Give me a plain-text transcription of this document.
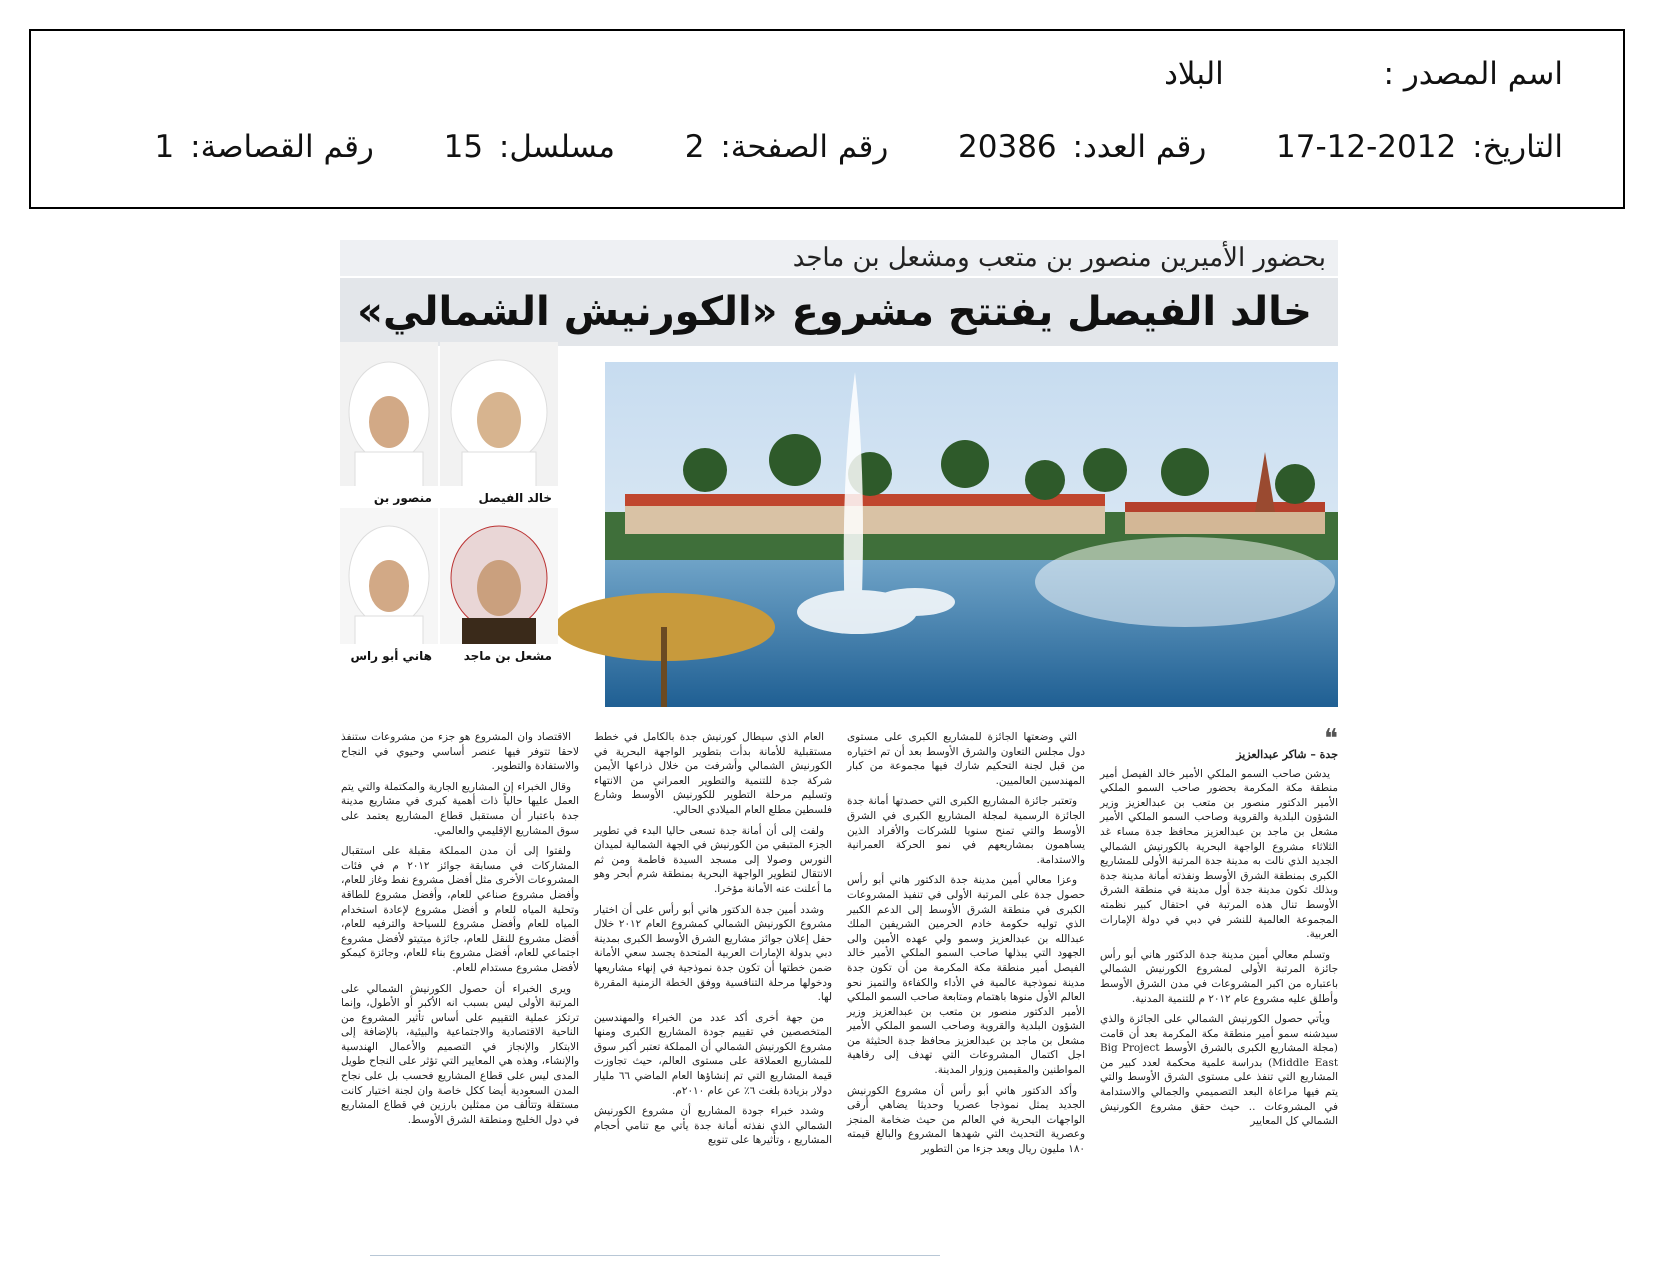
اسم المصدر :  البلاد
التاريخ: 17-12-2012  رقم العدد: 20386  رقم الصفحة: 2  مسلسل: 15  رقم القصاصة: 1
بحضور الأميرين منصور بن متعب ومشعل بن ماجد
خالد الفيصل يفتتح مشروع «الكورنيش الشمالي»
خالد الفيصل
منصور بن
مشعل بن ماجد
هاني أبو راس
❝
جدة – شاكر عبدالعزيز

يدشن صاحب السمو الملكي الأمير خالد الفيصل أمير منطقة مكة المكرمة بحضور صاحب السمو الملكي الأمير الدكتور منصور بن متعب بن عبدالعزيز وزير الشؤون البلدية والقروية وصاحب السمو الملكي الأمير مشعل بن ماجد بن عبدالعزيز محافظ جدة مساء غد الثلاثاء مشروع الواجهة البحرية بالكورنيش الشمالي الجديد الذي نالت به مدينة جدة المرتبة الأولى للمشاريع الكبرى بمنطقة الشرق الأوسط ونفذته أمانة مدينة جدة وبذلك تكون مدينة جدة أول مدينة في منطقة الشرق الأوسط تنال هذه المرتبة في احتفال كبير نظمته المجموعة العالمية للنشر في دبي في دولة الإمارات العربية.

وتسلم معالي أمين مدينة جدة الدكتور هاني أبو رأس جائزة المرتبة الأولى لمشروع الكورنيش الشمالي باعتباره من اكبر المشروعات في مدن الشرق الأوسط وأطلق عليه مشروع عام ٢٠١٢ م للتنمية المدنية.

ويأتي حصول الكورنيش الشمالي على الجائزة والذي سيدشنه سمو أمير منطقة مكة المكرمة بعد أن قامت (مجلة المشاريع الكبرى بالشرق الأوسط Big Project Middle East) بدراسة علمية محكمة لعدد كبير من المشاريع التي تنفذ على مستوى الشرق الأوسط والتي يتم فيها مراعاة البعد التصميمي والجمالي والاستدامة في المشروعات .. حيث حقق مشروع الكورنيش الشمالي كل المعايير

التي وضعتها الجائزة للمشاريع الكبرى على مستوى دول مجلس التعاون والشرق الأوسط بعد أن تم اختياره من قبل لجنة التحكيم شارك فيها مجموعة من كبار المهندسين العالميين.

وتعتبر جائزة المشاريع الكبرى التي حصدتها أمانة جدة الجائزة الرسمية لمجلة المشاريع الكبرى في الشرق الأوسط والتي تمنح سنويا للشركات والأفراد الذين يساهمون بمشاريعهم في نمو الحركة العمرانية والاستدامة.

وعزا معالي أمين مدينة جدة الدكتور هاني أبو رأس حصول جدة على المرتبة الأولى في تنفيذ المشروعات الكبرى في منطقة الشرق الأوسط إلى الدعم الكبير الذي توليه حكومة خادم الحرمين الشريفين الملك عبدالله بن عبدالعزيز وسمو ولي عهده الأمين والى الجهود التي يبذلها صاحب السمو الملكي الأمير خالد الفيصل أمير منطقة مكة المكرمة من أن تكون جدة مدينة نموذجية عالمية في الأداء والكفاءة والتميز نحو العالم الأول منوها باهتمام ومتابعة صاحب السمو الملكي الأمير الدكتور منصور بن متعب بن عبدالعزيز وزير الشؤون البلدية والقروية وصاحب السمو الملكي الأمير مشعل بن ماجد بن عبدالعزيز محافظ جدة الحثيثة من اجل اكتمال المشروعات التي تهدف إلى رفاهية المواطنين والمقيمين وزوار المدينة.

وأكد الدكتور هاني أبو رأس أن مشروع الكورنيش الجديد يمثل نموذجا عصريا وحديثا يضاهي أرقى الواجهات البحرية في العالم من حيث ضخامة المنجز وعصرية التحديث التي شهدها المشروع والبالغ قيمته ١٨٠ مليون ريال ويعد جزءا من التطوير

العام الذي سيطال كورنيش جدة بالكامل في خطط مستقبلية للأمانة بدأت بتطوير الواجهة البحرية في الكورنيش الشمالي وأشرفت من خلال ذراعها الأيمن شركة جدة للتنمية والتطوير العمراني من الانتهاء وتسليم مرحلة التطوير للكورنيش الأوسط وشارع فلسطين مطلع العام الميلادي الحالي.

ولفت إلى أن أمانة جدة تسعى حاليا البدء في تطوير الجزء المتبقي من الكورنيش في الجهة الشمالية لميدان النورس وصولا إلى مسجد السيدة فاطمة ومن ثم الانتقال لتطوير الواجهة البحرية بمنطقة شرم أبحر وهو ما أعلنت عنه الأمانة مؤخرا.

وشدد أمين جدة الدكتور هاني أبو رأس على أن اختيار مشروع الكورنيش الشمالي كمشروع العام ٢٠١٢ خلال حفل إعلان جوائز مشاريع الشرق الأوسط الكبرى بمدينة دبي بدولة الإمارات العربية المتحدة يجسد سعي الأمانة ضمن خطتها أن تكون جدة نموذجية في إنهاء مشاريعها ودخولها مرحلة التنافسية ووفق الخطة الزمنية المقررة لها.

من جهة أخرى أكد عدد من الخبراء والمهندسين المتخصصين في تقييم جودة المشاريع الكبرى ومنها مشروع الكورنيش الشمالي أن المملكة تعتبر أكبر سوق للمشاريع العملاقة على مستوى العالم، حيث تجاوزت قيمة المشاريع التي تم إنشاؤها العام الماضي ٦٦ مليار دولار بزيادة بلغت ٦٪ عن عام ٢٠١٠م.

وشدد خبراء جودة المشاريع أن مشروع الكورنيش الشمالي الذي نفذته أمانة جدة يأتي مع تنامي أحجام المشاريع ، وتأثيرها على تنويع

الاقتصاد وان المشروع هو جزء من مشروعات ستنفذ لاحقا تتوفر فيها عنصر أساسي وحيوي في النجاح والاستفادة والتطوير.

وقال الخبراء إن المشاريع الجارية والمكتملة والتي يتم العمل عليها حالياً ذات أهمية كبرى في مشاريع مدينة جدة باعتبار أن مستقبل قطاع المشاريع يعتمد على سوق المشاريع الإقليمي والعالمي.

ولفتوا إلى أن مدن المملكة مقبلة على استقبال المشاركات في مسابقة جوائز ٢٠١٢ م في فئات المشروعات الأخرى مثل أفضل مشروع نفط وغاز للعام، وأفضل مشروع صناعي للعام، وأفضل مشروع للطاقة وتحلية المياه للعام و أفضل مشروع لإعادة استخدام المياه للعام وأفضل مشروع للسياحة والترفيه للعام، أفضل مشروع للنقل للعام، جائزة ميتيتو لأفضل مشروع اجتماعي للعام، أفضل مشروع بناء للعام، وجائزة كيمكو لأفضل مشروع مستدام للعام.

ويرى الخبراء أن حصول الكورنيش الشمالي على المرتبة الأولى ليس بسبب انه الأكبر أو الأطول، وإنما ترتكز عملية التقييم على أساس تأثير المشروع من الناحية الاقتصادية والاجتماعية والبيئية، بالإضافة إلى الابتكار والإنجاز في التصميم والأعمال الهندسية والإنشاء، وهذه هي المعايير التي تؤثر على النجاح طويل المدى ليس على قطاع المشاريع فحسب بل على نجاح المدن السعودية أيضا ككل خاصة وان لجنة اختيار كانت مستقلة وتتألف من ممثلين بارزين في قطاع المشاريع في دول الخليج ومنطقة الشرق الأوسط.
